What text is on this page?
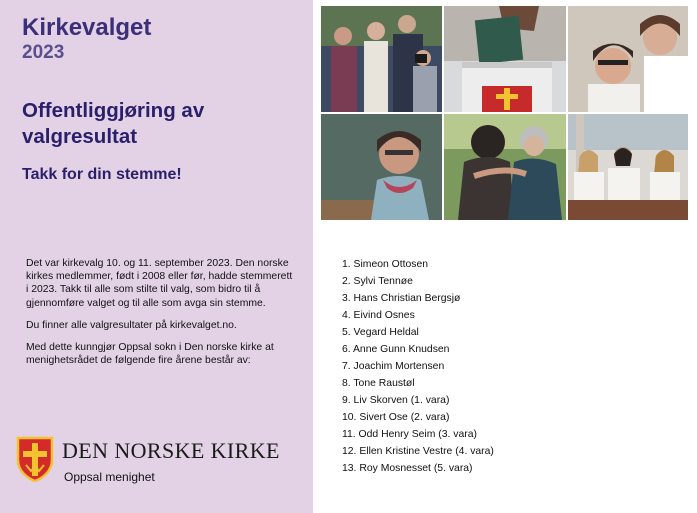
Kirkevalget
2023
Offentliggjøring av valgresultat
Takk for din stemme!

Det var kirkevalg 10. og 11. september 2023. Den norske kirkes medlemmer, født i 2008 eller før, hadde stemmerett i 2023. Takk til alle som stilte til valg, som bidro til å gjennomføre valget og til alle som avga sin stemme.

Du finner alle valgresultater på kirkevalget.no.

Med dette kunngjør Oppsal sokn i Den norske kirke at menighetsrådet de følgende fire årene består av:

DEN NORSKE KIRKE
Oppsal menighet
1. Simeon Ottosen
2. Sylvi Tennøe
3. Hans Christian Bergsjø
4. Eivind Osnes
5. Vegard Heldal
6. Anne Gunn Knudsen
7. Joachim Mortensen
8. Tone Raustøl
9. Liv Skorven (1. vara)
10. Sivert Ose (2. vara)
11. Odd Henry Seim (3. vara)
12. Ellen Kristine Vestre (4. vara)
13. Roy Mosnesset (5. vara)
